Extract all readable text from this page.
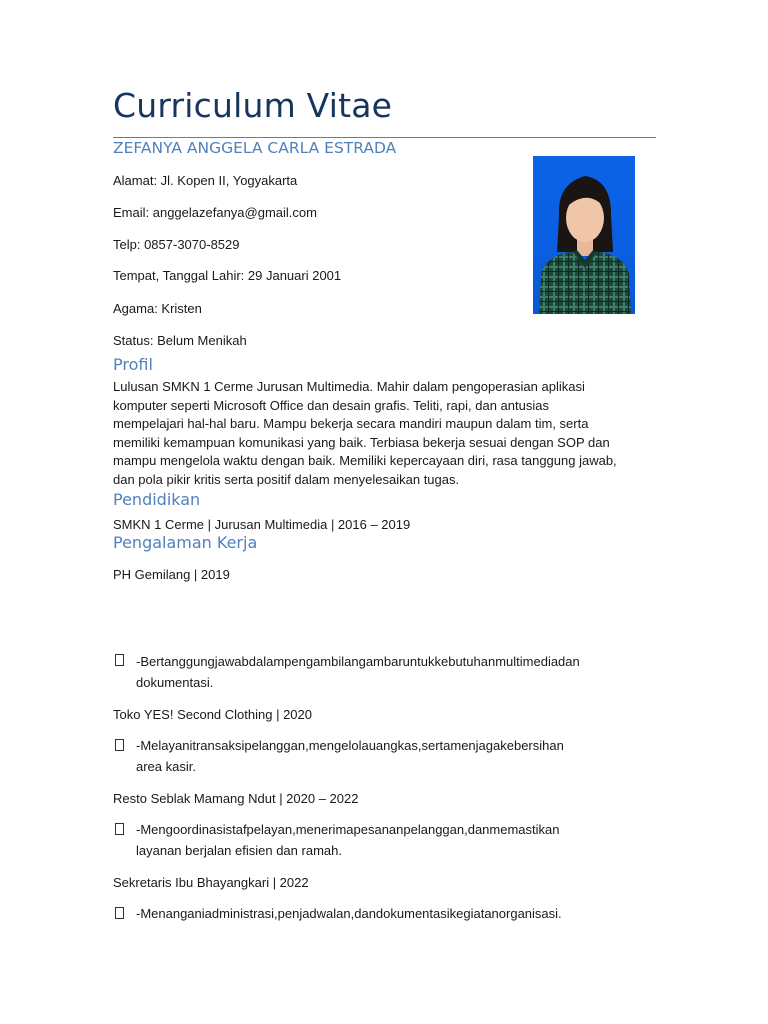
Curriculum Vitae
ZEFANYA ANGGELA CARLA ESTRADA
Alamat: Jl. Kopen II, Yogyakarta
Email: anggelazefanya@gmail.com
Telp: 0857-3070-8529
Tempat, Tanggal Lahir: 29 Januari 2001
Agama: Kristen
Status: Belum Menikah
Profil
Lulusan SMKN 1 Cerme Jurusan Multimedia. Mahir dalam pengoperasian aplikasi
komputer seperti Microsoft Office dan desain grafis. Teliti, rapi, dan antusias
mempelajari hal-hal baru. Mampu bekerja secara mandiri maupun dalam tim, serta
memiliki kemampuan komunikasi yang baik. Terbiasa bekerja sesuai dengan SOP dan
mampu mengelola waktu dengan baik. Memiliki kepercayaan diri, rasa tanggung jawab,
dan pola pikir kritis serta positif dalam menyelesaikan tugas.
Pendidikan
SMKN 1 Cerme | Jurusan Multimedia | 2016 – 2019
Pengalaman Kerja
PH Gemilang | 2019
-Bertanggungjawabdalampengambilangambaruntukkebutuhanmultimediadan
dokumentasi.
Toko YES! Second Clothing | 2020
-Melayanitransaksipelanggan,mengelolauangkas,sertamenjagakebersihan
area kasir.
Resto Seblak Mamang Ndut | 2020 – 2022
-Mengoordinasistafpelayan,menerimapesananpelanggan,danmemastikan
layanan berjalan efisien dan ramah.
Sekretaris Ibu Bhayangkari | 2022
-Menanganiadministrasi,penjadwalan,dandokumentasikegiatanorganisasi.
